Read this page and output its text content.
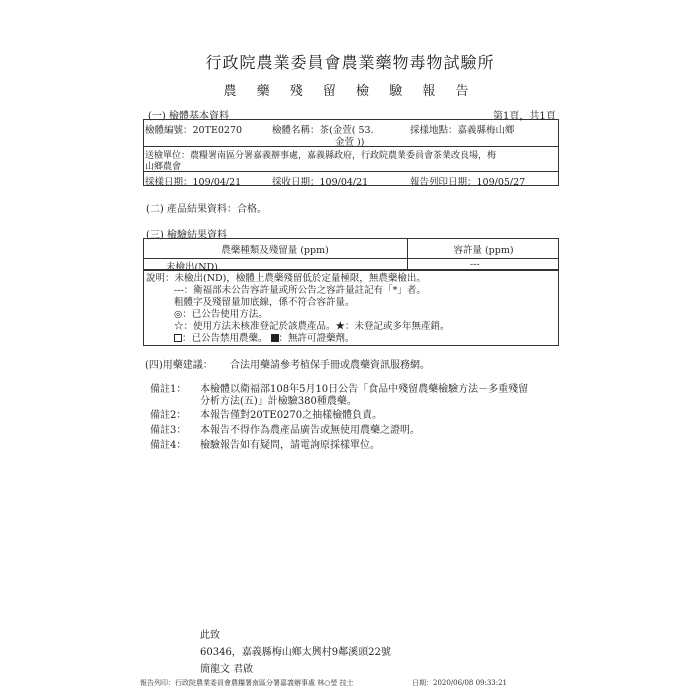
行政院農業委員會農業藥物毒物試驗所
農 藥 殘 留 檢 驗 報 告
(一) 檢體基本資料	第1頁，共1頁
檢體編號：20TE0270	檢體名稱：茶(金萱( 53.
金萱 ))
採樣地點：嘉義縣梅山鄉
送檢單位：農糧署南區分署嘉義辦事處，嘉義縣政府，行政院農業委員會茶業改良場，梅
山鄉農會
採樣日期：109/04/21	採收日期：109/04/21	報告列印日期：109/05/27
(二) 產品結果資料：合格。
(三) 檢驗結果資料
農藥種類及殘留量 (ppm)	容許量 (ppm)
未檢出(ND)	---
說明：未檢出(ND)，檢體上農藥殘留低於定量極限，無農藥檢出。
---：衛福部未公告容許量或所公告之容許量註記有「*」者。
粗體字及殘留量加底線，係不符合容許量。
◎：已公告使用方法。
☆：使用方法未核准登記於該農產品。★：未登記或多年無產銷。
：已公告禁用農藥。 ：無許可證藥劑。
(四)用藥建議： 合法用藥請參考植保手冊或農藥資訊服務網。
備註1： 本檢體以衛福部108年5月10日公告「食品中殘留農藥檢驗方法－多重殘留
分析方法(五)」計檢驗380種農藥。
備註2： 本報告僅對20TE0270之抽樣檢體負責。
備註3： 本報告不得作為農產品廣告或無使用農藥之證明。
備註4： 檢驗報告如有疑問，請電詢原採樣單位。
此致
60346，嘉義縣梅山鄉太興村9鄰溪頭22號
簡龍文 君啟
報告列印：行政院農業委員會農糧署南區分署嘉義辦事處 林○瑩 技士	日期：2020/06/08 09:33:21
